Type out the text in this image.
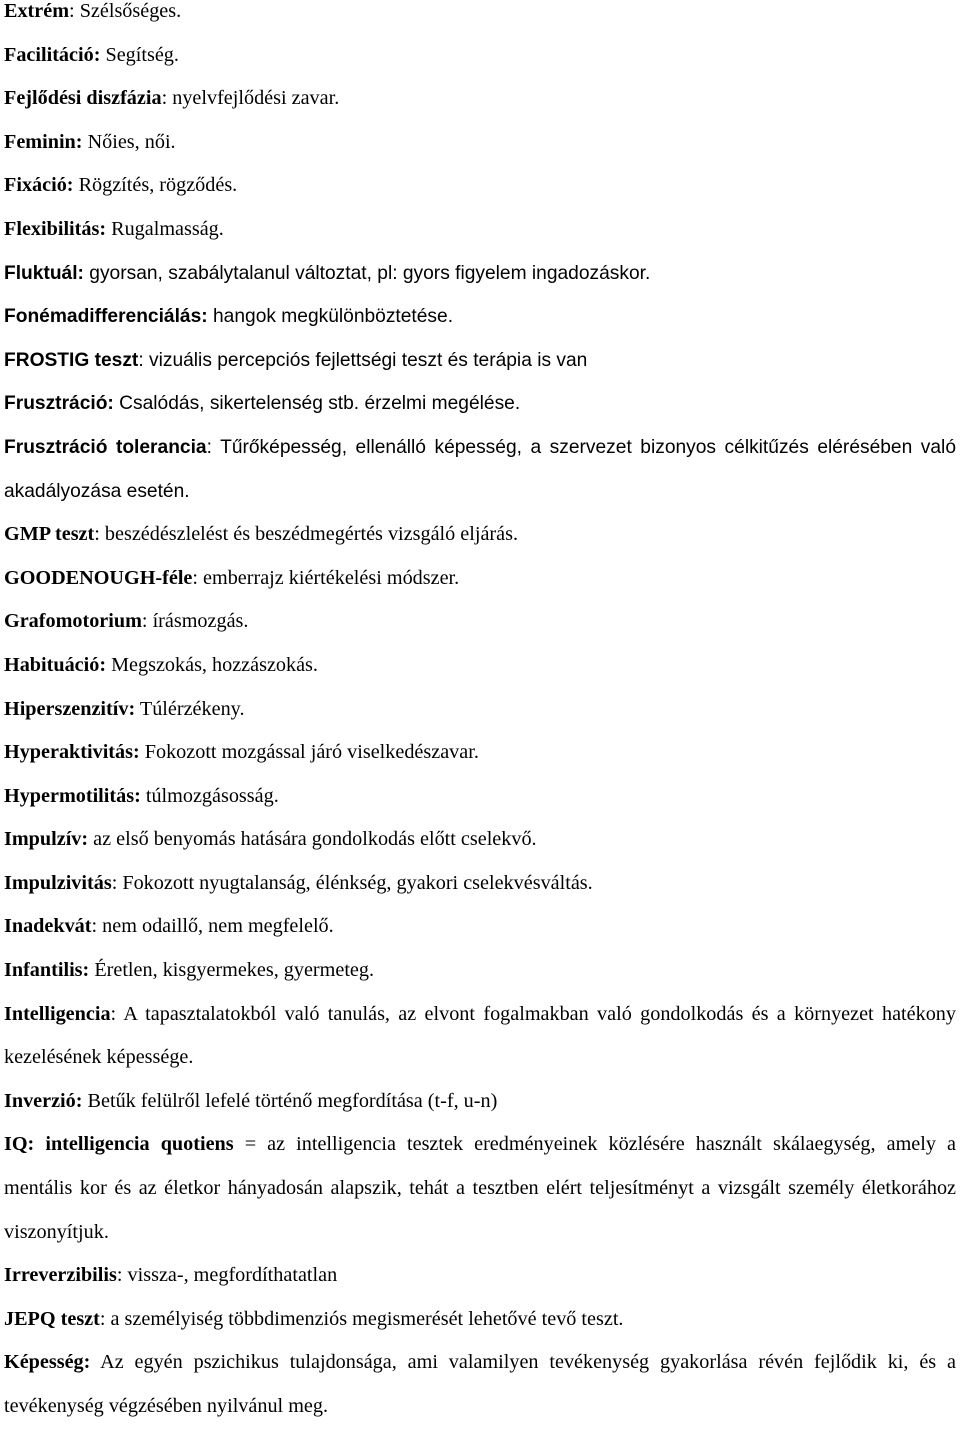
Extrém: Szélsőséges.

Facilitáció: Segítség.

Fejlődési diszfázia: nyelvfejlődési zavar.

Feminin: Nőies, női.

Fixáció: Rögzítés, rögződés.

Flexibilitás: Rugalmasság.

Fluktuál: gyorsan, szabálytalanul változtat, pl: gyors figyelem ingadozáskor.

Fonémadifferenciálás: hangok megkülönböztetése.

FROSTIG teszt: vizuális percepciós fejlettségi teszt és terápia is van

Frusztráció: Csalódás, sikertelenség stb. érzelmi megélése.

Frusztráció tolerancia: Tűrőképesség, ellenálló képesség, a szervezet bizonyos célkitűzés elérésében való akadályozása esetén.

GMP teszt: beszédészlelést és beszédmegértés vizsgáló eljárás.

GOODENOUGH-féle: emberrajz kiértékelési módszer.

Grafomotorium: írásmozgás.

Habituáció: Megszokás, hozzászokás.

Hiperszenzitív: Túlérzékeny.

Hyperaktivitás: Fokozott mozgással járó viselkedészavar.

Hypermotilitás: túlmozgásosság.

Impulzív: az első benyomás hatására gondolkodás előtt cselekvő.

Impulzivitás: Fokozott nyugtalanság, élénkség, gyakori cselekvésváltás.

Inadekvát: nem odaillő, nem megfelelő.

Infantilis: Éretlen, kisgyermekes, gyermeteg.

Intelligencia: A tapasztalatokból való tanulás, az elvont fogalmakban való gondolkodás és a környezet hatékony kezelésének képessége.

Inverzió: Betűk felülről lefelé történő megfordítása (t-f, u-n)

IQ: intelligencia quotiens = az intelligencia tesztek eredményeinek közlésére használt skálaegység, amely a mentális kor és az életkor hányadosán alapszik, tehát a tesztben elért teljesítményt a vizsgált személy életkorához viszonyítjuk.

Irreverzibilis: vissza-, megfordíthatatlan

JEPQ teszt: a személyiség többdimenziós megismerését lehetővé tevő teszt.

Képesség: Az egyén pszichikus tulajdonsága, ami valamilyen tevékenység gyakorlása révén fejlődik ki, és a tevékenység végzésében nyilvánul meg.
